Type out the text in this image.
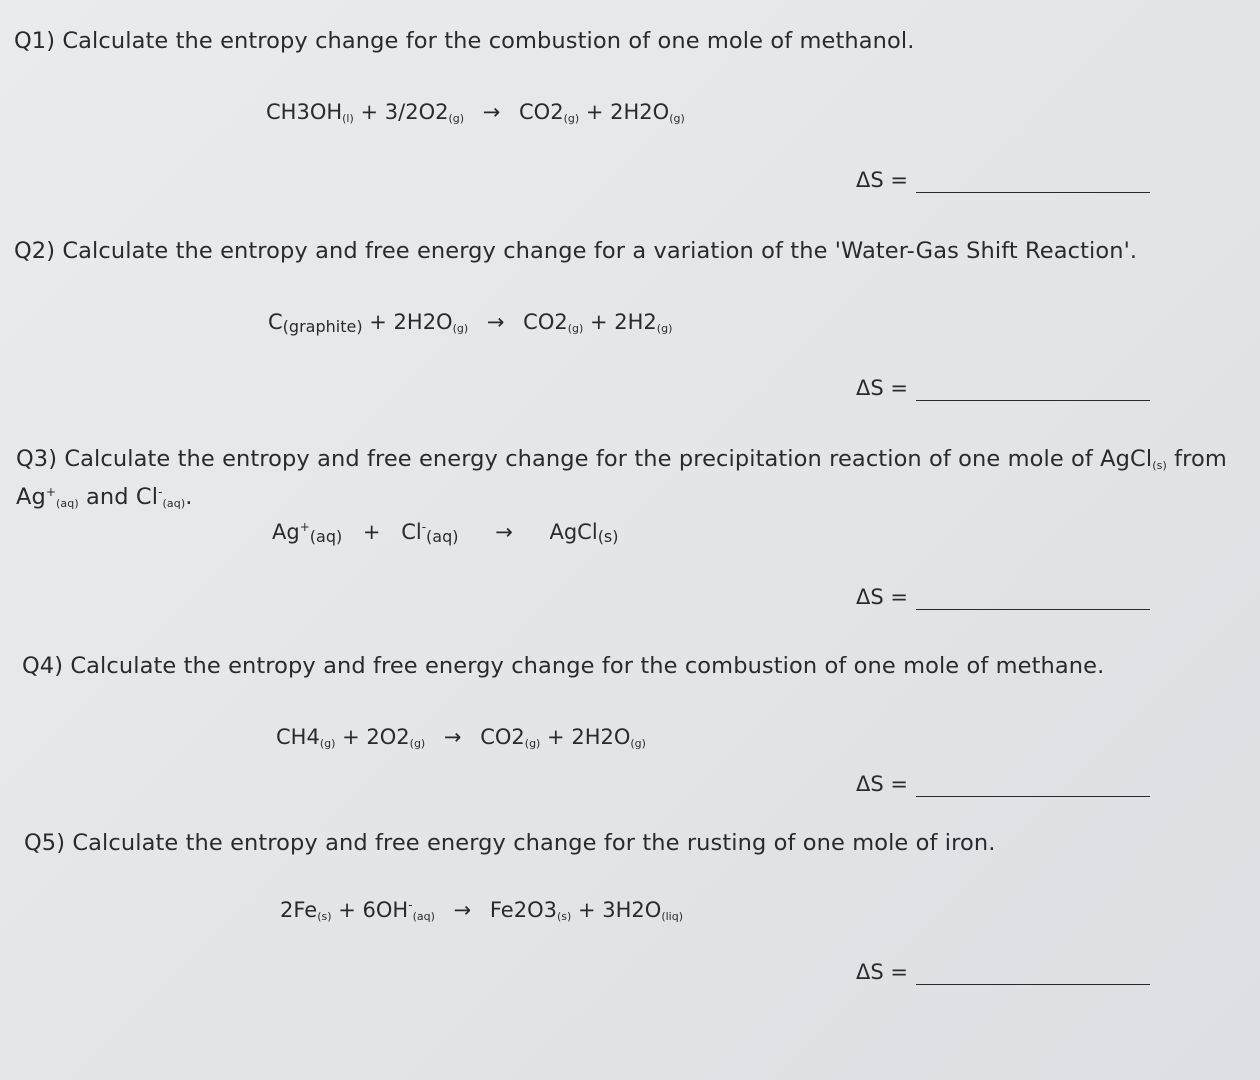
Q1) Calculate the entropy change for the combustion of one mole of methanol.
$CH3OH_{(l)} + 3/2O2_{(g)} \to CO2_{(g)} + 2H2O_{(g)}$
ΔS =
Q2) Calculate the entropy and free energy change for a variation of the 'Water-Gas Shift Reaction'.
$C_{(graphite)} + 2H2O_{(g)} \to CO2_{(g)} + 2H2_{(g)}$
ΔS =
Q3) Calculate the entropy and free energy change for the precipitation reaction of one mole of AgCl$_{(s)}$ from
$Ag^+_{(aq)}$ and $Cl^-_{(aq)}$.
$Ag^+_{(aq)} + Cl^-_{(aq)}$ → AgCl$_{(s)}$
ΔS =
Q4) Calculate the entropy and free energy change for the combustion of one mole of methane.
$CH4_{(g)} + 2O2_{(g)} \to CO2_{(g)} + 2H2O_{(g)}$
ΔS =
Q5) Calculate the entropy and free energy change for the rusting of one mole of iron.
$2Fe_{(s)} + 6OH^-_{(aq)} \to Fe2O3_{(s)} + 3H2O_{(liq)}$
ΔS =
